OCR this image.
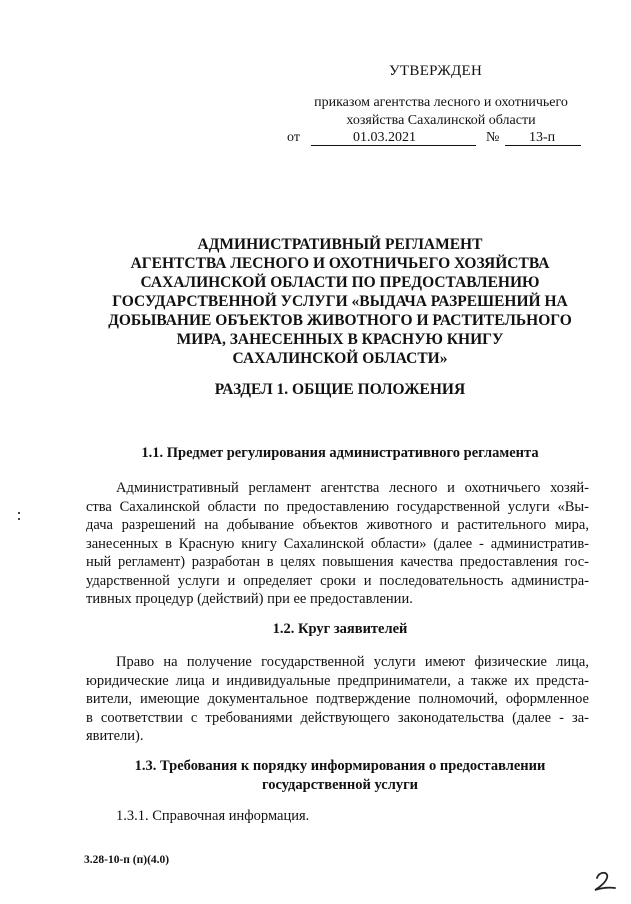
УТВЕРЖДЕН
приказом агентства лесного и охотничьего
хозяйства Сахалинской области
от	01.03.2021	№ 13-п
АДМИНИСТРАТИВНЫЙ РЕГЛАМЕНТ
АГЕНТСТВА ЛЕСНОГО И ОХОТНИЧЬЕГО ХОЗЯЙСТВА
САХАЛИНСКОЙ ОБЛАСТИ ПО ПРЕДОСТАВЛЕНИЮ
ГОСУДАРСТВЕННОЙ УСЛУГИ «ВЫДАЧА РАЗРЕШЕНИЙ НА
ДОБЫВАНИЕ ОБЪЕКТОВ ЖИВОТНОГО И РАСТИТЕЛЬНОГО
МИРА, ЗАНЕСЕННЫХ В КРАСНУЮ КНИГУ
САХАЛИНСКОЙ ОБЛАСТИ»
РАЗДЕЛ 1. ОБЩИЕ ПОЛОЖЕНИЯ
1.1. Предмет регулирования административного регламента
Административный регламент агентства лесного и охотничьего хозяй-
ства Сахалинской области по предоставлению государственной услуги «Вы-
дача разрешений на добывание объектов животного и растительного мира,
занесенных в Красную книгу Сахалинской области» (далее - административ-
ный регламент) разработан в целях повышения качества предоставления гос-
ударственной услуги и определяет сроки и последовательность администра-
тивных процедур (действий) при ее предоставлении.
1.2. Круг заявителей
Право на получение государственной услуги имеют физические лица,
юридические лица и индивидуальные предприниматели, а также их предста-
вители, имеющие документальное подтверждение полномочий, оформленное
в соответствии с требованиями действующего законодательства (далее - за-
явители).
1.3. Требования к порядку информирования о предоставлении
государственной услуги
1.3.1. Справочная информация.
3.28-10-п (п)(4.0)
